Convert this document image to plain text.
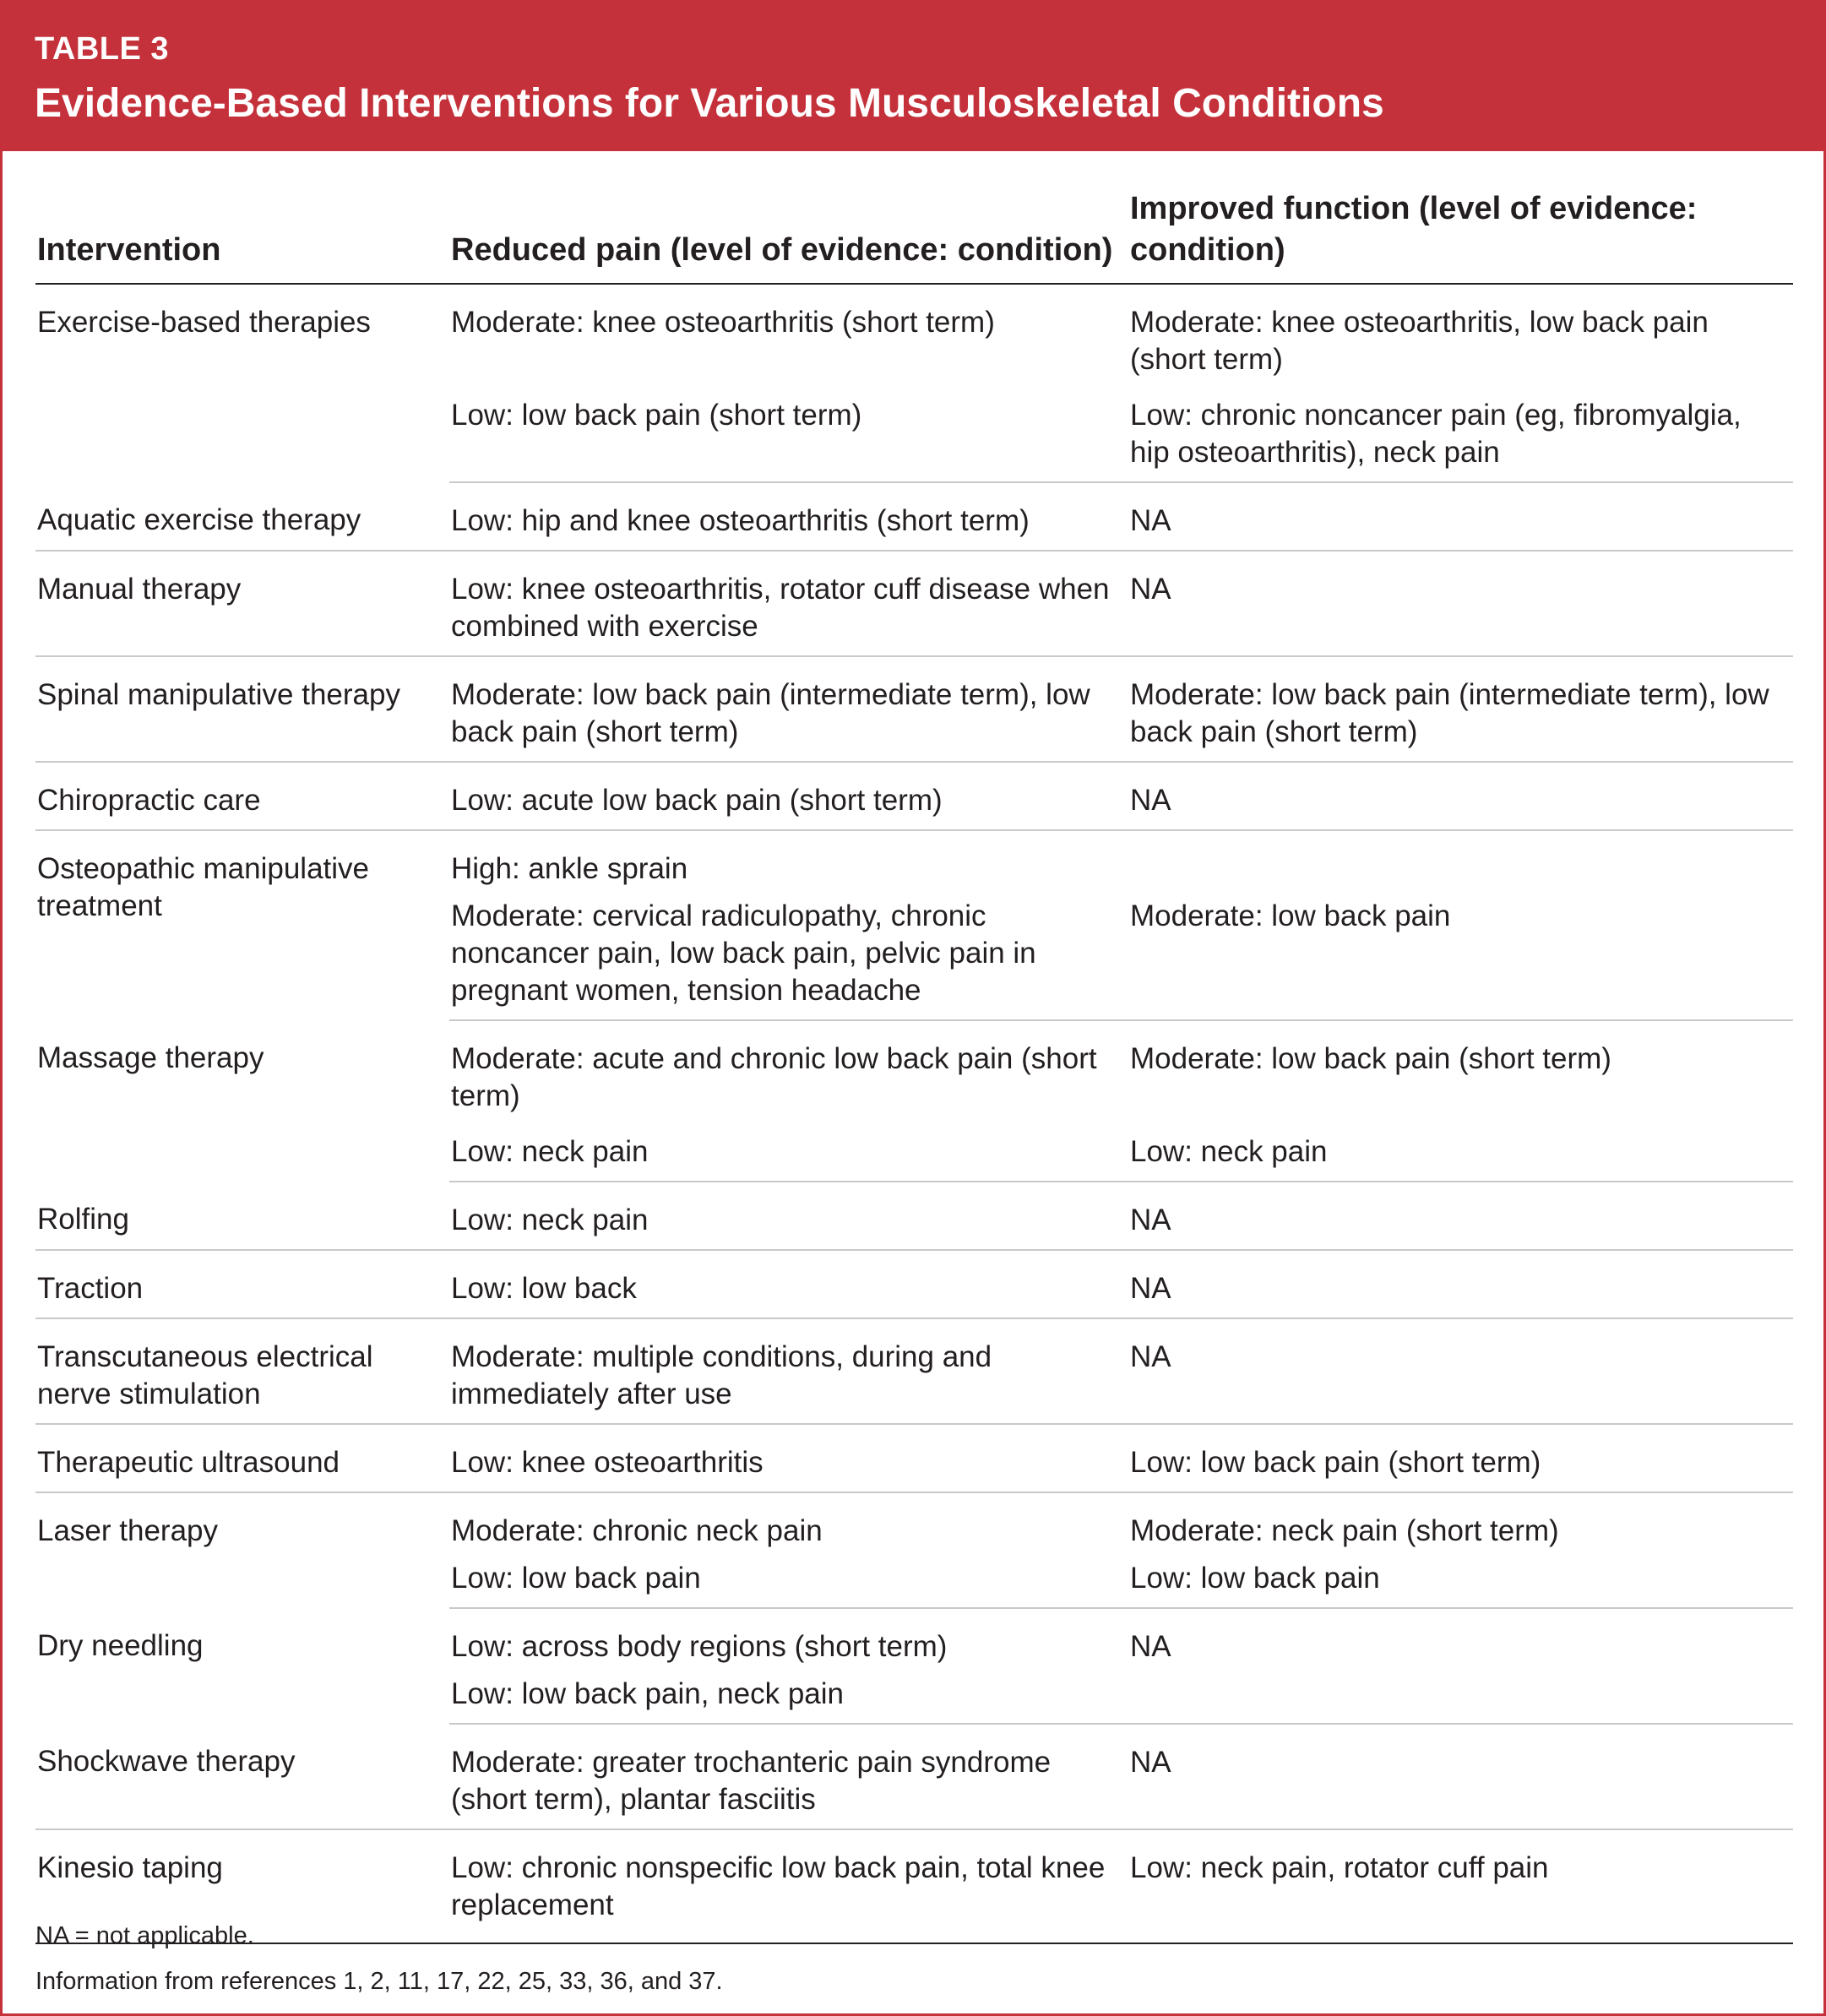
TABLE 3
Evidence-Based Interventions for Various Musculoskeletal Conditions
Intervention	Reduced pain (level of evidence: condition)	Improved function (level of evidence: condition)
Exercise-based therapies	Moderate: knee osteoarthritis (short term)	Moderate: knee osteoarthritis, low back pain (short term)
	Low: low back pain (short term)	Low: chronic noncancer pain (eg, fibromyalgia, hip osteoarthritis), neck pain
Aquatic exercise therapy	Low: hip and knee osteoarthritis (short term)	NA
Manual therapy	Low: knee osteoarthritis, rotator cuff disease when combined with exercise	NA
Spinal manipulative therapy	Moderate: low back pain (intermediate term), low back pain (short term)	Moderate: low back pain (intermediate term), low back pain (short term)
Chiropractic care	Low: acute low back pain (short term)	NA
Osteopathic manipulative treatment	High: ankle sprain	
	Moderate: cervical radiculopathy, chronic noncancer pain, low back pain, pelvic pain in pregnant women, tension headache	Moderate: low back pain
Massage therapy	Moderate: acute and chronic low back pain (short term)	Moderate: low back pain (short term)
	Low: neck pain	Low: neck pain
Rolfing	Low: neck pain	NA
Traction	Low: low back	NA
Transcutaneous electrical nerve stimulation	Moderate: multiple conditions, during and immediately after use	NA
Therapeutic ultrasound	Low: knee osteoarthritis	Low: low back pain (short term)
Laser therapy	Moderate: chronic neck pain	Moderate: neck pain (short term)
	Low: low back pain	Low: low back pain
Dry needling	Low: across body regions (short term)	NA
	Low: low back pain, neck pain	
Shockwave therapy	Moderate: greater trochanteric pain syndrome (short term), plantar fasciitis	NA
Kinesio taping	Low: chronic nonspecific low back pain, total knee replacement	Low: neck pain, rotator cuff pain
NA = not applicable.
Information from references 1, 2, 11, 17, 22, 25, 33, 36, and 37.
